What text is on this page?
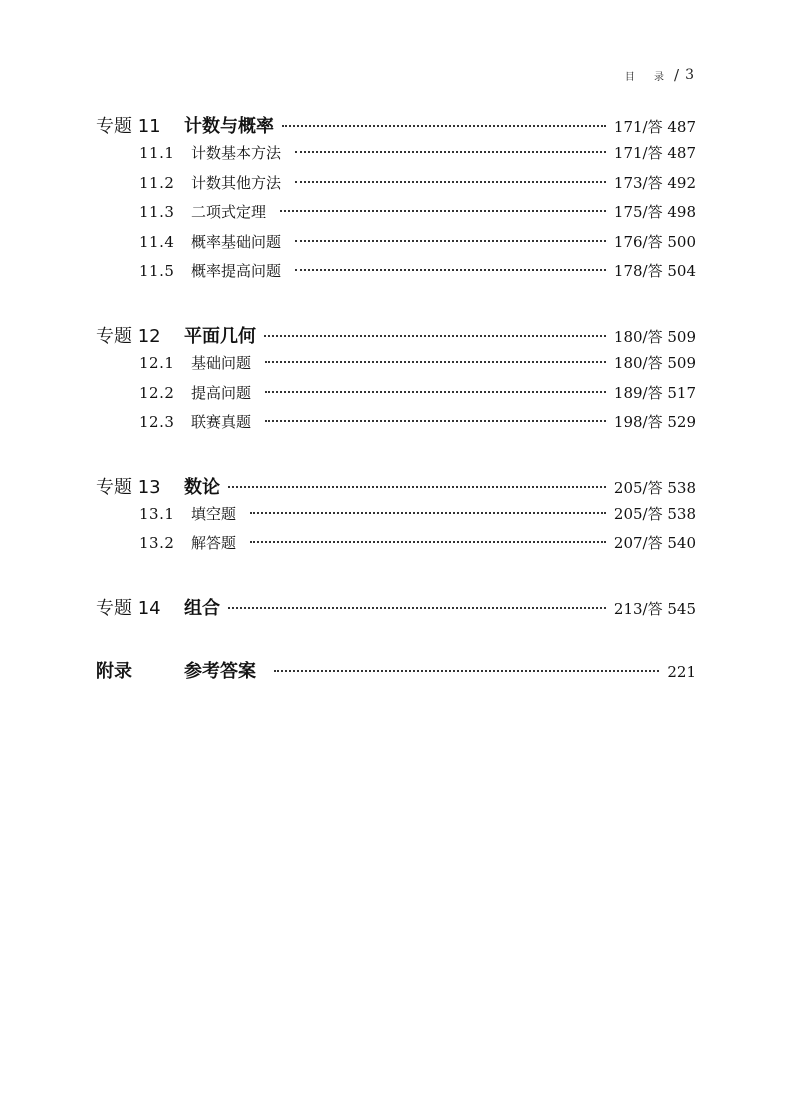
目 录 / 3
专题 11	计数与概率	171/答 487
11.1	计数基本方法	171/答 487
11.2	计数其他方法	173/答 492
11.3	二项式定理	175/答 498
11.4	概率基础问题	176/答 500
11.5	概率提高问题	178/答 504
专题 12	平面几何	180/答 509
12.1	基础问题	180/答 509
12.2	提高问题	189/答 517
12.3	联赛真题	198/答 529
专题 13	数论	205/答 538
13.1	填空题	205/答 538
13.2	解答题	207/答 540
专题 14	组合	213/答 545
附录	参考答案	221
